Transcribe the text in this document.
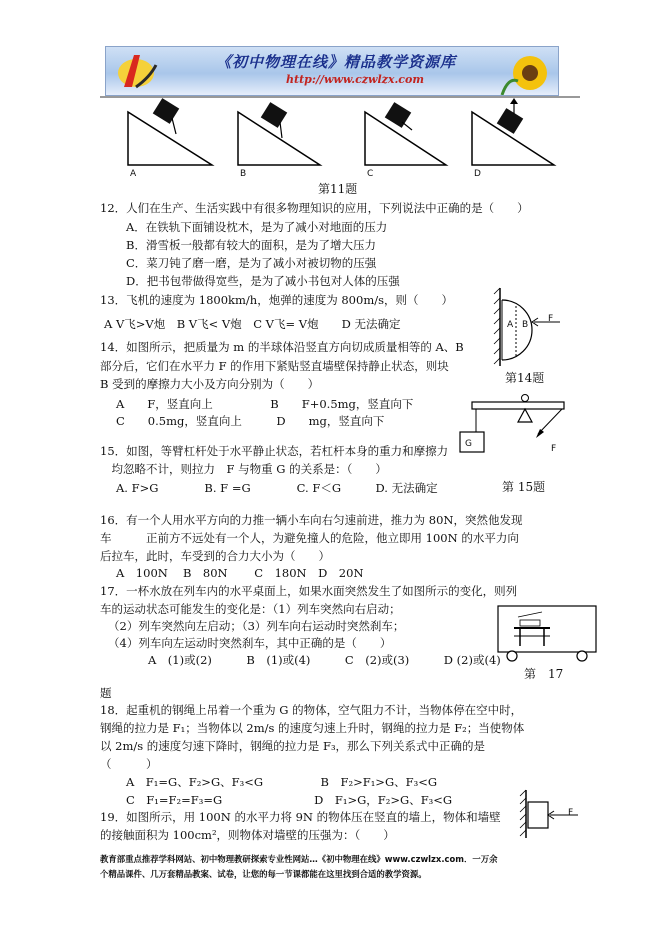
《初中物理在线》精品教学资源库
http://www.czwlzx.com
A	B	C	D
第11题
12．人们在生产、生活实践中有很多物理知识的应用，下列说法中正确的是（　　）
A．在铁轨下面铺设枕木，是为了减小对地面的压力
B．滑雪板一般都有较大的面积，是为了增大压力
C．菜刀钝了磨一磨，是为了减小对被切物的压强
D．把书包带做得宽些，是为了减小书包对人体的压强
13．飞机的速度为 1800km/h，炮弹的速度为 800m/s，则（　　）
A V飞>V炮　B V飞< V炮　C V飞= V炮　　D 无法确定	A B
F
第14题
14．如图所示，把质量为 m 的半球体沿竖直方向切成质量相等的 A、B
部分后，它们在水平力 F 的作用下紧贴竖直墙壁保持静止状态，则块
B 受到的摩擦力大小及方向分别为（　　）
A　　F，竖直向上　　　　　B　　F+0.5mg，竖直向下
C　　0.5mg，竖直向上　　　D　　mg，竖直向下
G	F
第 15题
15．如图，等臂杠杆处于水平静止状态，若杠杆本身的重力和摩擦力
　均忽略不计，则拉力　F 与物重 G 的关系是：（　　）
A. F>G　　　　B. F =G　　　　C. F＜G　　　D. 无法确定
16．有一个人用水平方向的力推一辆小车向右匀速前进，推力为 80N，突然他发现
车　　　正前方不远处有一个人，为避免撞人的危险，他立即用 100N 的水平力向
后拉车，此时，车受到的合力大小为（　　）
A　100N　 B　80N　　 C　180N　D　20N
17．一杯水放在列车内的水平桌面上，如果水面突然发生了如图所示的变化，则列
车的运动状态可能发生的变化是：（1）列车突然向右启动；
（2）列车突然向左启动；（3）列车向右运动时突然刹车；
（4）列车向左运动时突然刹车，其中正确的是（　　）
A　(1)或(2)　　　B　(1)或(4)　　　C　(2)或(3)　　　D (2)或(4)
第　17
题
18．起重机的钢绳上吊着一个重为 G 的物体，空气阻力不计，当物体停在空中时，
钢绳的拉力是 F₁；当物体以 2m/s 的速度匀速上升时，钢绳的拉力是 F₂；当使物体
以 2m/s 的速度匀速下降时，钢绳的拉力是 F₃，那么下列关系式中正确的是
（　　　）
A　F₁=G、F₂>G、F₃<G　　　　　B　F₂>F₁>G、F₃<G
C　F₁=F₂=F₃=G　　　　　　　　D　F₁>G，F₂>G、F₃<G
F
19．如图所示，用 100N 的水平力将 9N 的物体压在竖直的墙上，物体和墙壁
的接触面积为 100cm²，则物体对墙壁的压强为：（　　）
教育部重点推荐学科网站、初中物理教研探索专业性网站…《初中物理在线》www.czwlzx.com．一万余
个精品课件、几万套精品教案、试卷，让您的每一节课都能在这里找到合适的教学资源。
